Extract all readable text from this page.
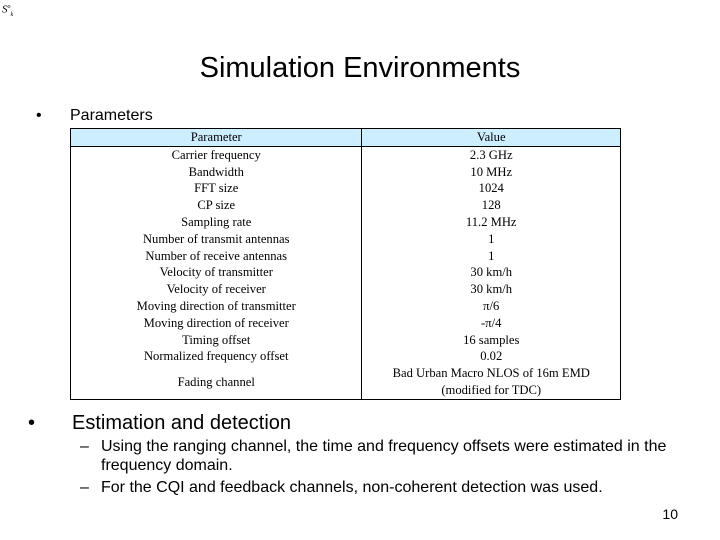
$S^o_k$
Simulation Environments
•	Parameters
Parameter	Value
Carrier frequency	2.3 GHz
Bandwidth	10 MHz
FFT size	1024
CP size	128
Sampling rate	11.2 MHz
Number of transmit antennas	1
Number of receive antennas	1
Velocity of transmitter	30 km/h
Velocity of receiver	30 km/h
Moving direction of transmitter	π/6
Moving direction of receiver	-π/4
Timing offset	16 samples
Normalized frequency offset	0.02
Fading channel	Bad Urban Macro NLOS of 16m EMD
(modified for TDC)
•	Estimation and detection
– Using the ranging channel, the time and frequency offsets were estimated in the frequency domain.
– For the CQI and feedback channels, non-coherent detection was used.
10
